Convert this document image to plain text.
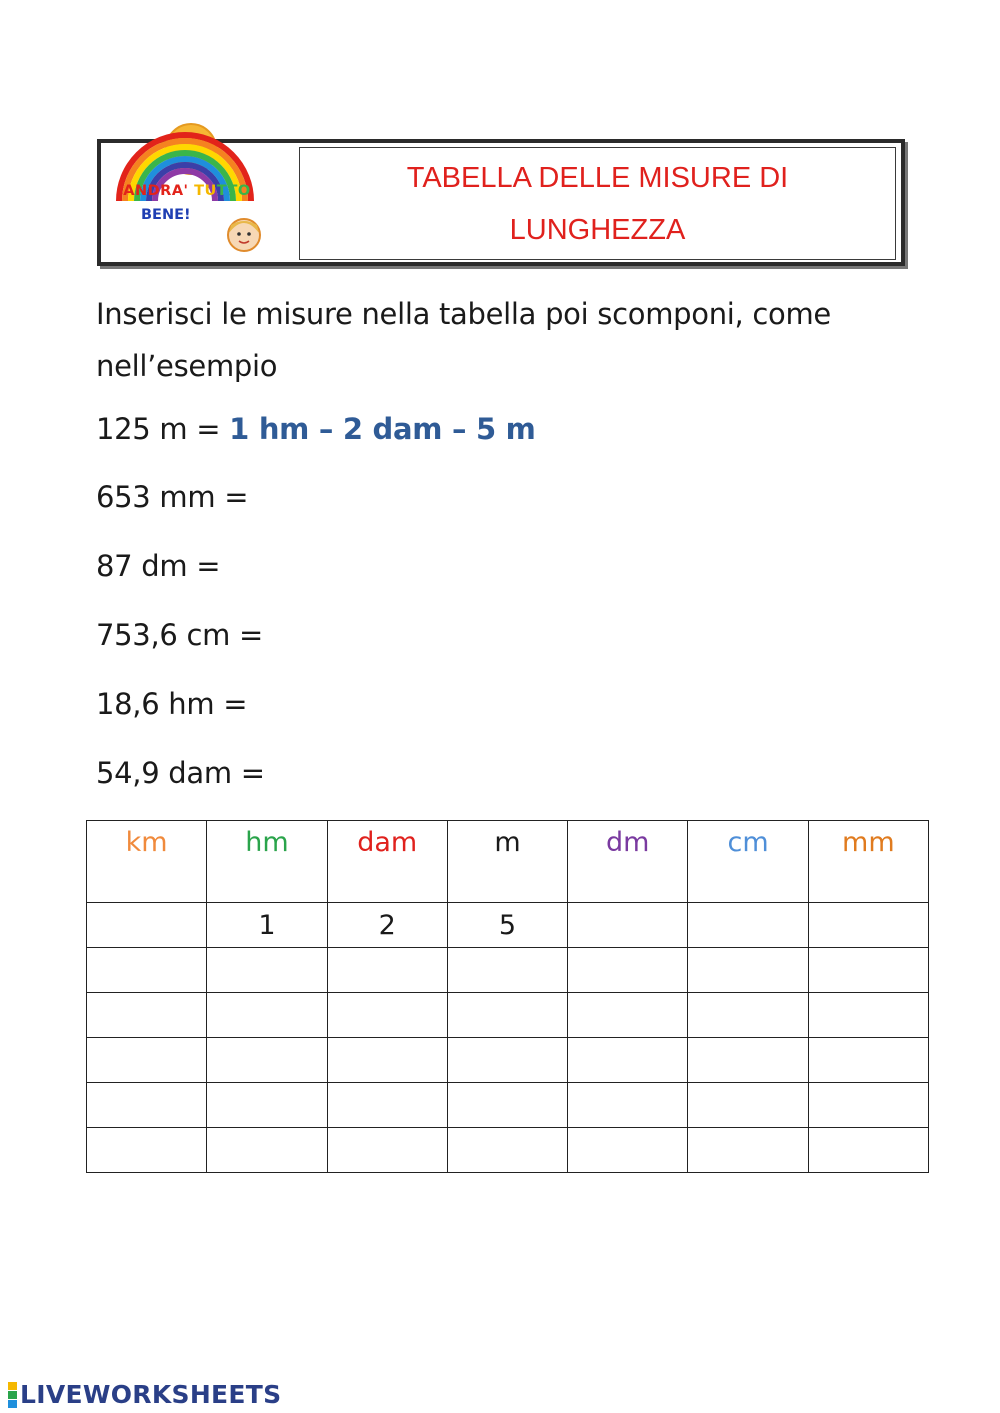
ANDRA' TUTTO
BENE!
TABELLA DELLE MISURE DI
LUNGHEZZA
Inserisci le misure nella tabella poi scomponi, come nell’esempio
125 m = 1 hm – 2 dam – 5 m
653 mm =
87 dm =
753,6 cm =
18,6 hm =
54,9 dam =
km	hm	dam	m	dm	cm	mm
	1	2	5			

LIVEWORKSHEETS
